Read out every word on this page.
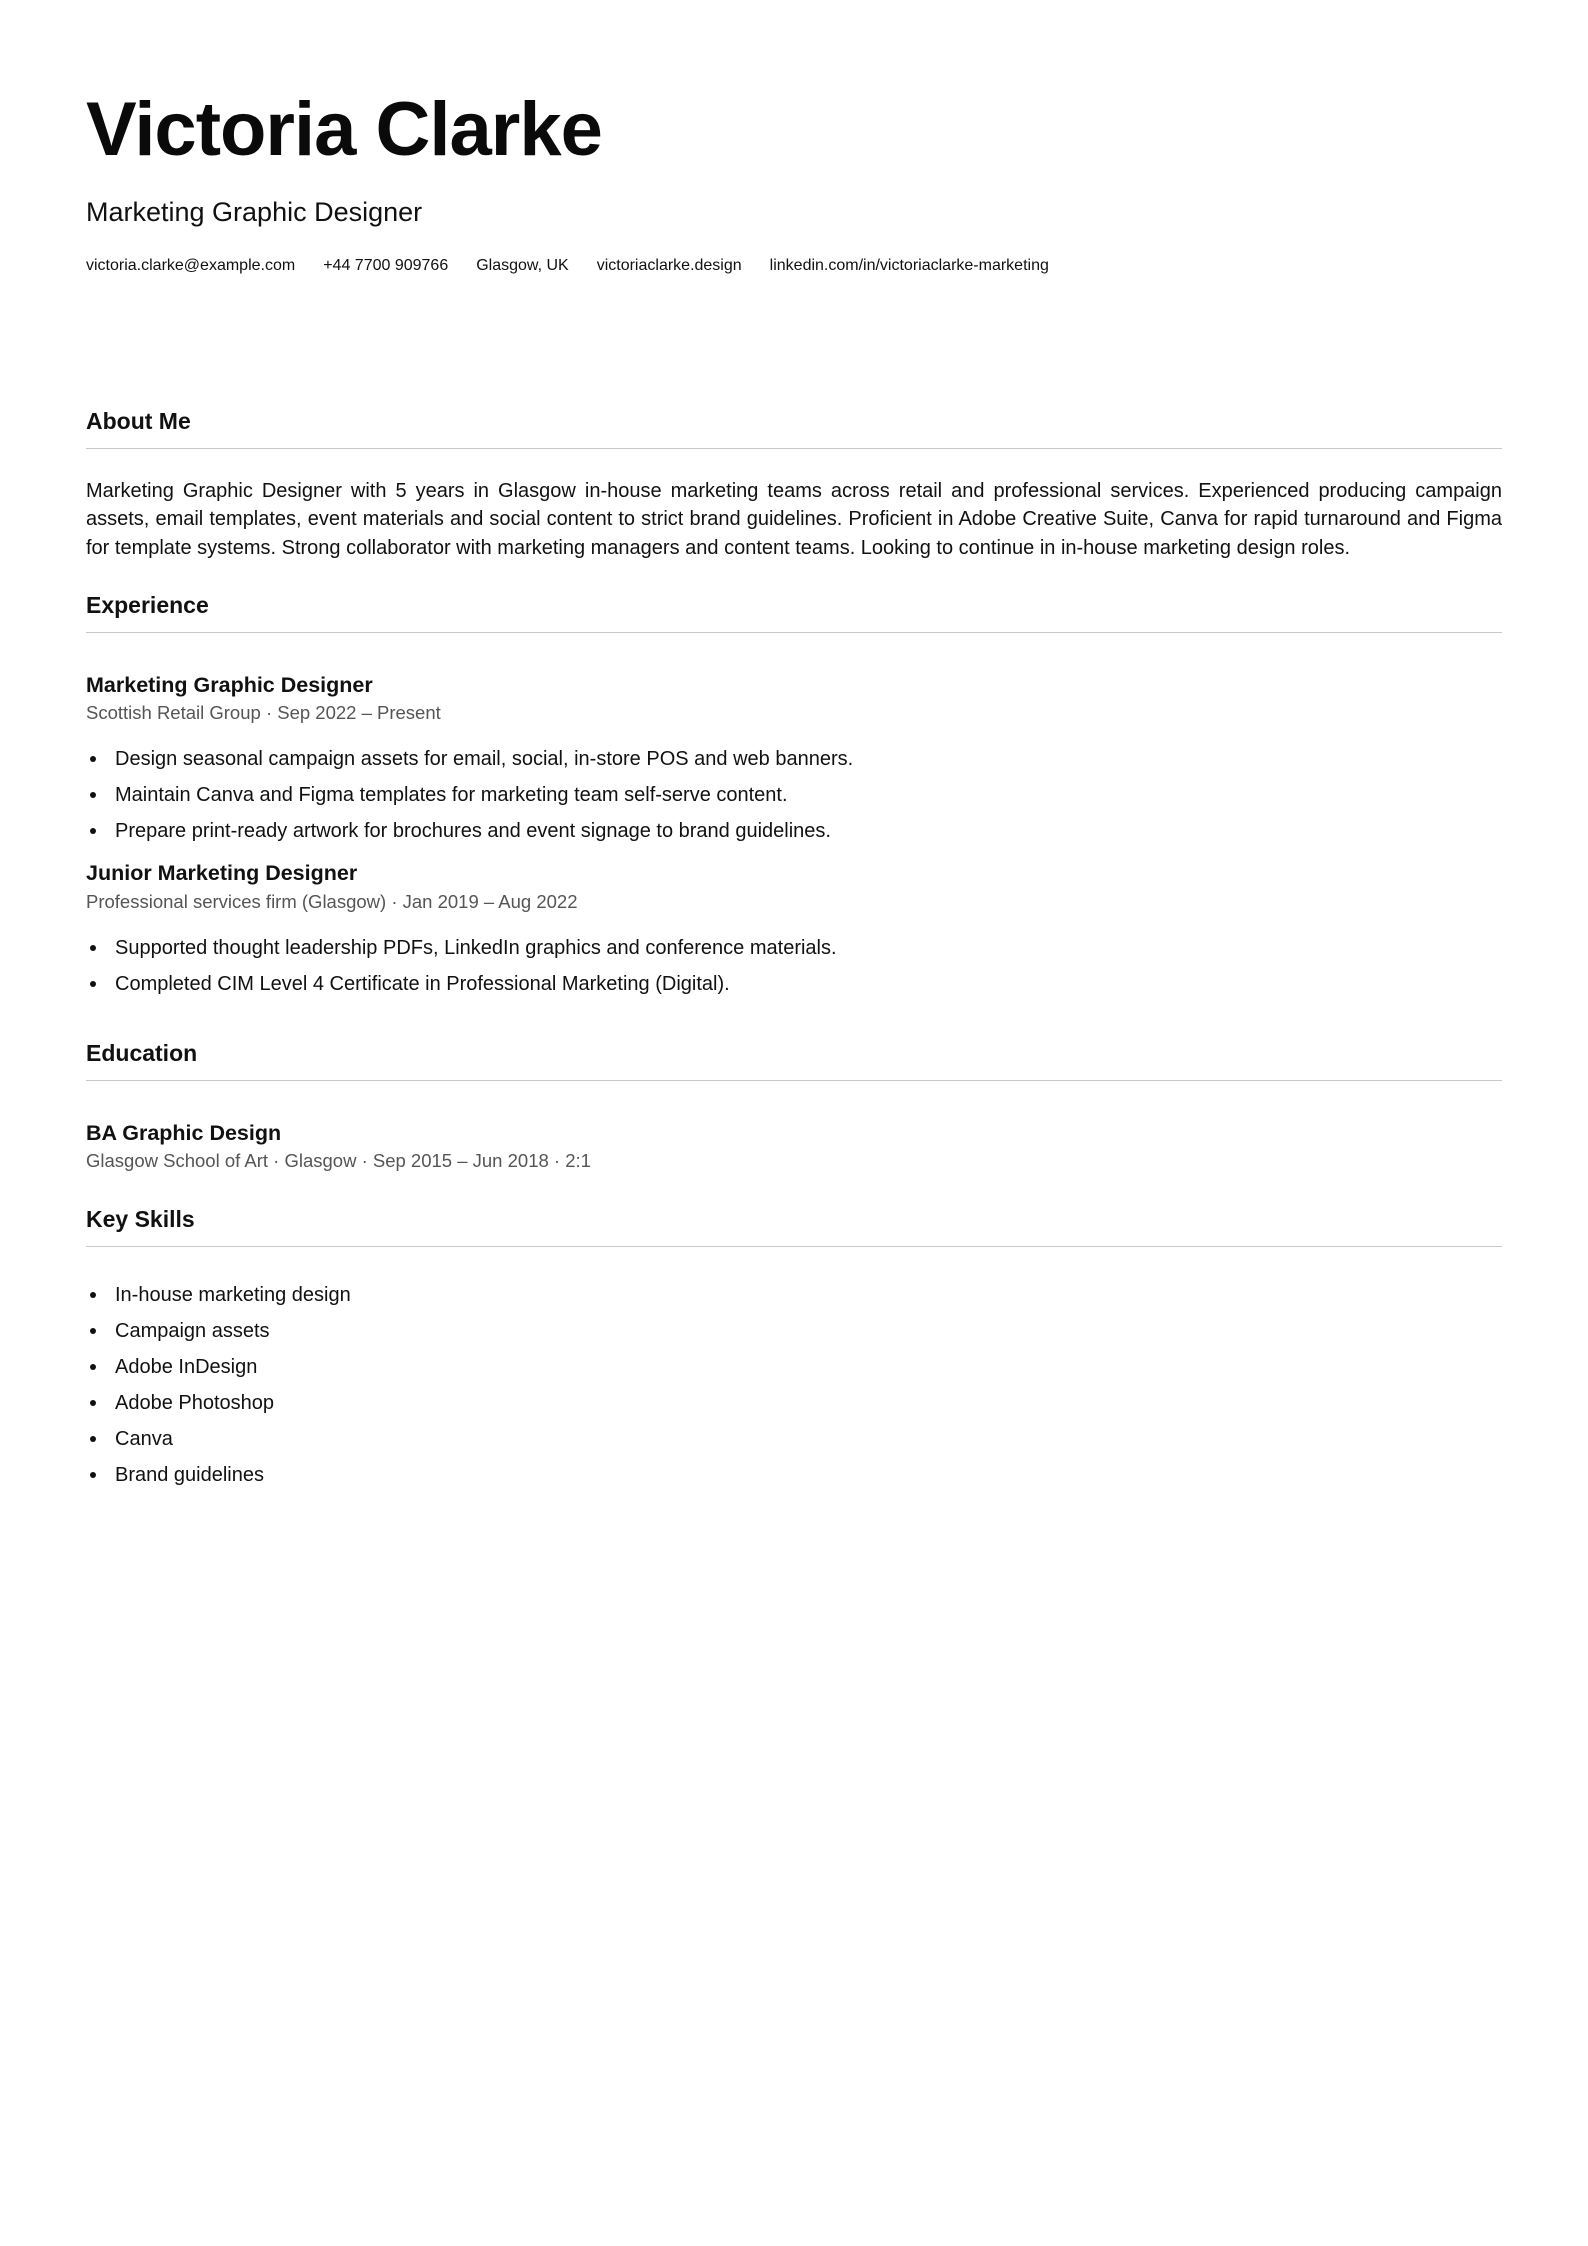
Victoria Clarke

Marketing Graphic Designer

victoria.clarke@example.com +44 7700 909766 Glasgow, UK victoriaclarke.design linkedin.com/in/victoriaclarke-marketing
About Me

Marketing Graphic Designer with 5 years in Glasgow in-house marketing teams across retail and professional services. Experienced producing campaign assets, email templates, event materials and social content to strict brand guidelines. Proficient in Adobe Creative Suite, Canva for rapid turnaround and Figma for template systems. Strong collaborator with marketing managers and content teams. Looking to continue in in-house marketing design roles.

Experience
Marketing Graphic Designer

Scottish Retail Group · Sep 2022 – Present

Design seasonal campaign assets for email, social, in-store POS and web banners.
Maintain Canva and Figma templates for marketing team self-serve content.
Prepare print-ready artwork for brochures and event signage to brand guidelines.
Junior Marketing Designer

Professional services firm (Glasgow) · Jan 2019 – Aug 2022

Supported thought leadership PDFs, LinkedIn graphics and conference materials.
Completed CIM Level 4 Certificate in Professional Marketing (Digital).
Education
BA Graphic Design

Glasgow School of Art · Glasgow · Sep 2015 – Jun 2018 · 2:1

Key Skills
In-house marketing design
Campaign assets
Adobe InDesign
Adobe Photoshop
Canva
Brand guidelines
